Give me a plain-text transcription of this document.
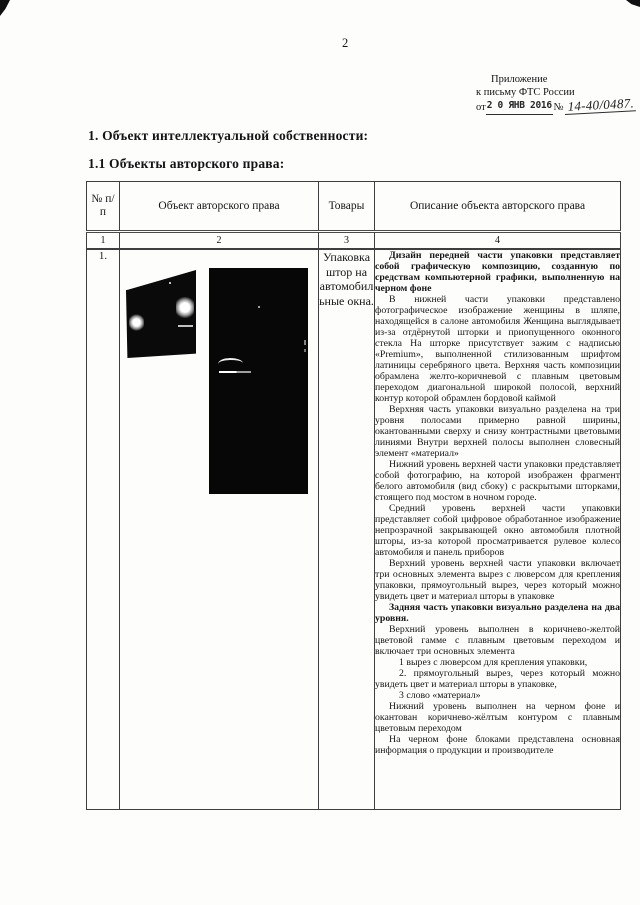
2
Приложение
к письму ФТС России
от 2 0 ЯНВ 2016 № 14-40/0487.

1. Объект интеллектуальной собственности:

1.1 Объекты авторского права:

№ п/п	Объект авторского права	Товары	Описание объекта авторского права
1	2	3	4
1.		Упаковка штор на автомобильные окна.	

Дизайн передней части упаковки представляет собой графическую композицию, созданную по средствам компьютерной графики, выполненную на черном фоне

В нижней части упаковки представлено фотографическое изображение женщины в шляпе, находящейся в салоне автомобиля Женщина выглядывает из-за отдёрнутой шторки и приопущенного оконного стекла На шторке присутствует зажим с надписью «Premium», выполненной стилизованным шрифтом латиницы серебряного цвета. Верхняя часть композиции обрамлена желто-коричневой с плавным цветовым переходом диагональной широкой полосой, верхний контур которой обрамлен бордовой каймой

Верхняя часть упаковки визуально разделена на три уровня полосами примерно равной ширины, окантованными сверху и снизу контрастными цветовыми линиями Внутри верхней полосы выполнен словесный элемент «материал»

Нижний уровень верхней части упаковки представляет собой фотографию, на которой изображен фрагмент белого автомобиля (вид сбоку) с раскрытыми шторками, стоящего под мостом в ночном городе.

Средний уровень верхней части упаковки представляет собой цифровое обработанное изображение непрозрачной закрывающей окно автомобиля плотной шторы, из-за которой просматривается рулевое колесо автомобиля и панель приборов

Верхний уровень верхней части упаковки включает три основных элемента вырез с люверсом для крепления упаковки, прямоугольный вырез, через который можно увидеть цвет и материал шторы в упаковке

Задняя часть упаковки визуально разделена на два уровня.

Верхний уровень выполнен в коричнево-желтой цветовой гамме с плавным цветовым переходом и включает три основных элемента

1 вырез с люверсом для крепления упаковки,

2. прямоугольный вырез, через который можно увидеть цвет и материал шторы в упаковке,

3 слово «материал»

Нижний уровень выполнен на черном фоне и окантован коричнево-жёлтым контуром с плавным цветовым переходом

На черном фоне блоками представлена основная информация о продукции и производителе
